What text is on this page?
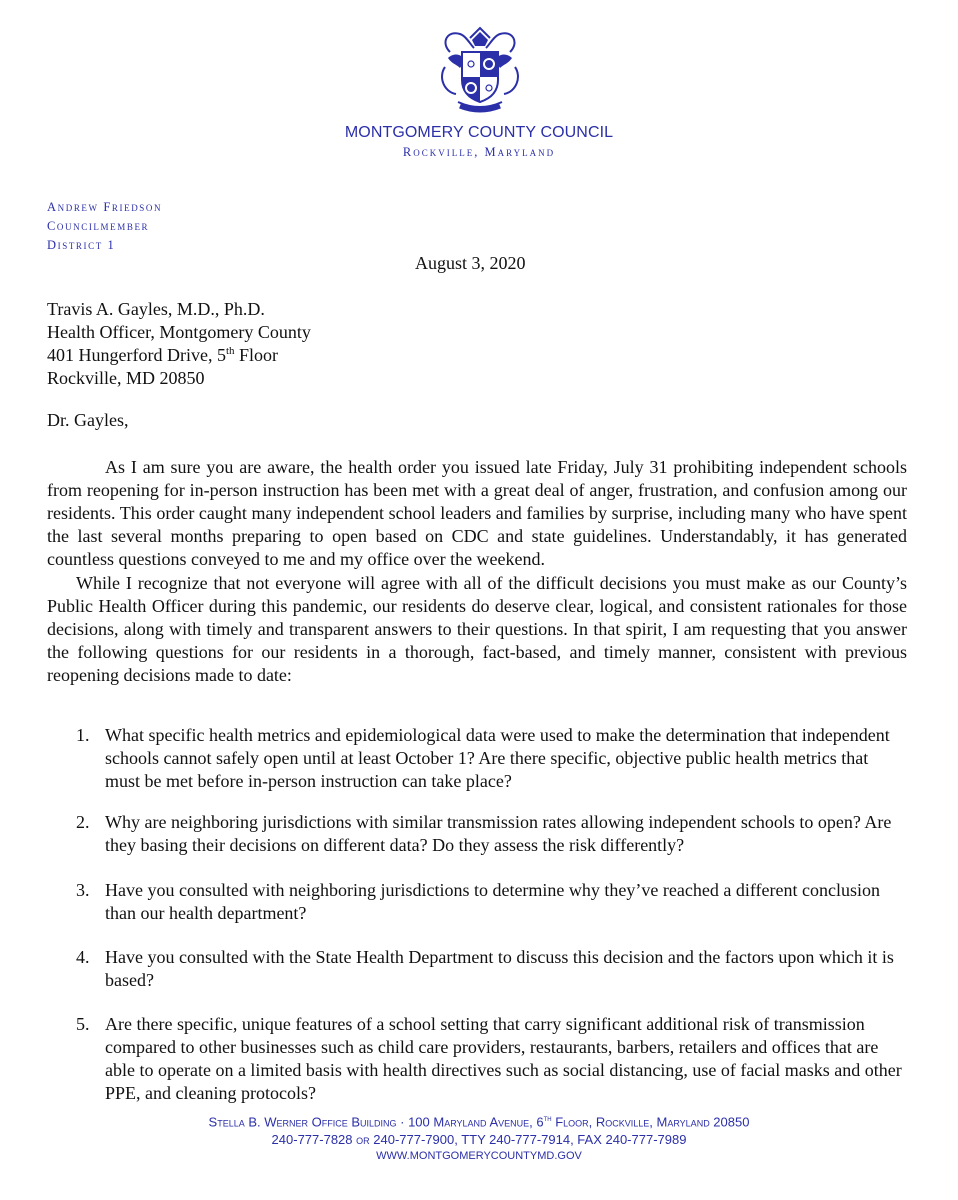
MONTGOMERY COUNTY COUNCIL
Rockville, Maryland
Andrew Friedson
Councilmember
District 1
August 3, 2020
Travis A. Gayles, M.D., Ph.D.
Health Officer, Montgomery County
401 Hungerford Drive, 5th Floor
Rockville, MD 20850
Dr. Gayles,
As I am sure you are aware, the health order you issued late Friday, July 31 prohibiting independent schools from reopening for in-person instruction has been met with a great deal of anger, frustration, and confusion among our residents. This order caught many independent school leaders and families by surprise, including many who have spent the last several months preparing to open based on CDC and state guidelines. Understandably, it has generated countless questions conveyed to me and my office over the weekend.
While I recognize that not everyone will agree with all of the difficult decisions you must make as our County’s Public Health Officer during this pandemic, our residents do deserve clear, logical, and consistent rationales for those decisions, along with timely and transparent answers to their questions. In that spirit, I am requesting that you answer the following questions for our residents in a thorough, fact-based, and timely manner, consistent with previous reopening decisions made to date:
1. What specific health metrics and epidemiological data were used to make the determination that independent schools cannot safely open until at least October 1? Are there specific, objective public health metrics that must be met before in-person instruction can take place?
2. Why are neighboring jurisdictions with similar transmission rates allowing independent schools to open? Are they basing their decisions on different data? Do they assess the risk differently?
3. Have you consulted with neighboring jurisdictions to determine why they’ve reached a different conclusion than our health department?
4. Have you consulted with the State Health Department to discuss this decision and the factors upon which it is based?
5. Are there specific, unique features of a school setting that carry significant additional risk of transmission compared to other businesses such as child care providers, restaurants, barbers, retailers and offices that are able to operate on a limited basis with health directives such as social distancing, use of facial masks and other PPE, and cleaning protocols?
Stella B. Werner Office Building · 100 Maryland Avenue, 6th Floor, Rockville, Maryland 20850
240-777-7828 or 240-777-7900, TTY 240-777-7914, FAX 240-777-7989
WWW.MONTGOMERYCOUNTYMD.GOV
